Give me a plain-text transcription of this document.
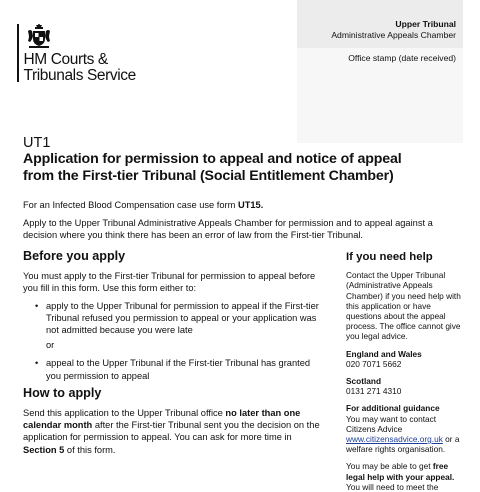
HM Courts &
Tribunals Service
Upper Tribunal
Administrative Appeals Chamber
Office stamp (date received)
UT1
Application for permission to appeal and notice of appeal
from the First-tier Tribunal (Social Entitlement Chamber)
For an Infected Blood Compensation case use form UT15.
Apply to the Upper Tribunal Administrative Appeals Chamber for permission and to appeal against a decision where you think there has been an error of law from the First-tier Tribunal.
Before you apply
You must apply to the First-tier Tribunal for permission to appeal before you fill in this form. Use this form either to:
• apply to the Upper Tribunal for permission to appeal if the First-tier Tribunal refused you permission to appeal or your application was not admitted because you were late
or
• appeal to the Upper Tribunal if the First-tier Tribunal has granted you permission to appeal
How to apply
Send this application to the Upper Tribunal office no later than one calendar month after the First-tier Tribunal sent you the decision on the application for permission to appeal. You can ask for more time in Section 5 of this form.
If you need help
Contact the Upper Tribunal (Administrative Appeals Chamber) if you need help with this application or have questions about the appeal process. The office cannot give you legal advice.
England and Wales
020 7071 5662
Scotland
0131 271 4310
For additional guidance
You may want to contact Citizens Advice www.citizensadvice.org.uk or a welfare rights organisation.
You may be able to get free legal help with your appeal. You will need to meet the
